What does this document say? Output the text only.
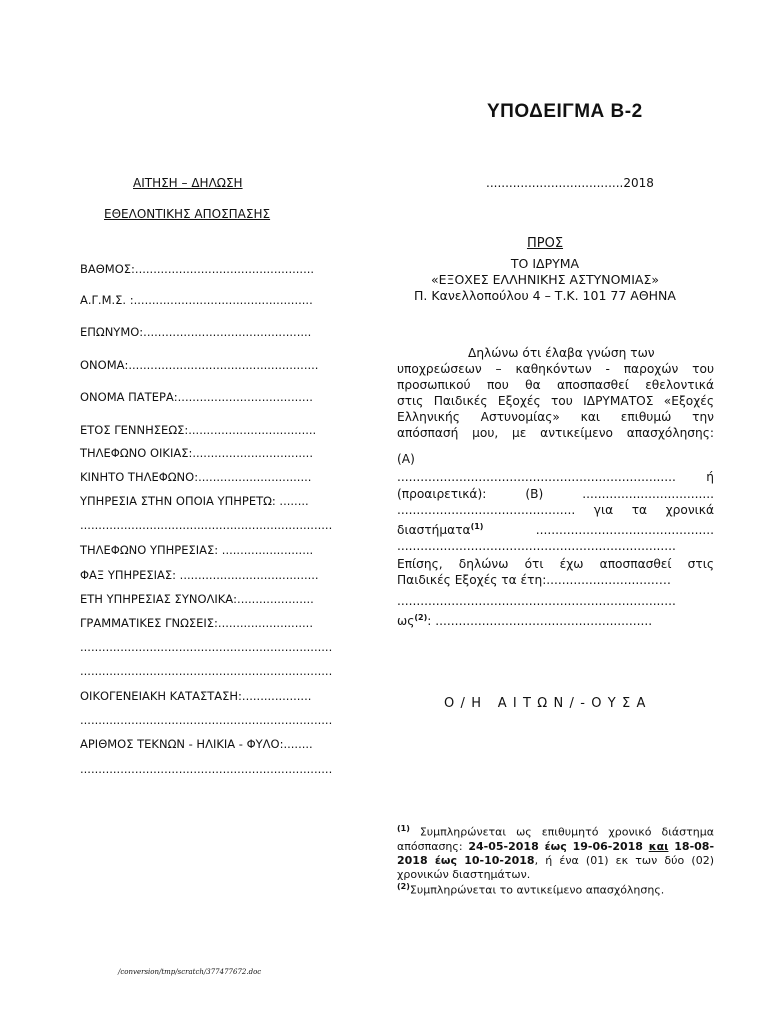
ΥΠΟΔΕΙΓΜΑ Β-2
ΑΙΤΗΣΗ – ΔΗΛΩΣΗ
ΕΘΕΛΟΝΤΙΚΗΣ ΑΠΟΣΠΑΣΗΣ
....................................2018
ΒΑΘΜΟΣ:.................................................
Α.Γ.Μ.Σ. :.................................................
ΕΠΩΝΥΜΟ:..............................................
ΟΝΟΜΑ:....................................................
ΟΝΟΜΑ ΠΑΤΕΡΑ:.....................................
ΕΤΟΣ ΓΕΝΝΗΣΕΩΣ:...................................
ΤΗΛΕΦΩΝΟ ΟΙΚΙΑΣ:.................................
ΚΙΝΗΤΟ ΤΗΛΕΦΩΝΟ:...............................
ΥΠΗΡΕΣΙΑ ΣΤΗΝ ΟΠΟΙΑ ΥΠΗΡΕΤΩ: ........
.....................................................................
ΤΗΛΕΦΩΝΟ ΥΠΗΡΕΣΙΑΣ: .........................
ΦΑΞ ΥΠΗΡΕΣΙΑΣ: ......................................
ΕΤΗ ΥΠΗΡΕΣΙΑΣ ΣΥΝΟΛΙΚΑ:.....................
ΓΡΑΜΜΑΤΙΚΕΣ ΓΝΩΣΕΙΣ:..........................
.....................................................................
.....................................................................
ΟΙΚΟΓΕΝΕΙΑΚΗ ΚΑΤΑΣΤΑΣΗ:...................
.....................................................................
ΑΡΙΘΜΟΣ ΤΕΚΝΩΝ - ΗΛΙΚΙΑ - ΦΥΛΟ:........
.....................................................................
ΠΡΟΣ
ΤΟ ΙΔΡΥΜΑ
«ΕΞΟΧΕΣ ΕΛΛΗΝΙΚΗΣ ΑΣΤΥΝΟΜΙΑΣ»
Π. Κανελλοπούλου 4 – Τ.Κ. 101 77 ΑΘΗΝΑ
Δηλώνω ότι έλαβα γνώση των
υποχρεώσεων – καθηκόντων - παροχών του
προσωπικού που θα αποσπασθεί εθελοντικά
στις Παιδικές Εξοχές του ΙΔΡΥΜΑΤΟΣ «Εξοχές
Ελληνικής Αστυνομίας» και επιθυμώ την
απόσπασή μου, με αντικείμενο απασχόλησης:
(Α)
........................................................................ ή
(προαιρετικά):	(Β)	..................................
.............................................. για τα χρονικά
διαστήματα$^{(1)}$	..............................................
........................................................................
Επίσης, δηλώνω ότι έχω αποσπασθεί στις
Παιδικές Εξοχές τα έτη:............................….
........................................................................
$\omega\varsigma^{(2)}$: ........................................................
Ο/Η ΑΙΤΩΝ/-ΟΥΣΑ
$^{(1)}$ Συμπληρώνεται ως επιθυμητό χρονικό διάστημα απόσπασης: 24-05-2018 έως 19-06-2018 και 18-08-2018 έως 10-10-2018, ή ένα (01) εκ των δύο (02) χρονικών διαστημάτων.
$^{(2)}$Συμπληρώνεται το αντικείμενο απασχόλησης.
/conversion/tmp/scratch/377477672.doc
